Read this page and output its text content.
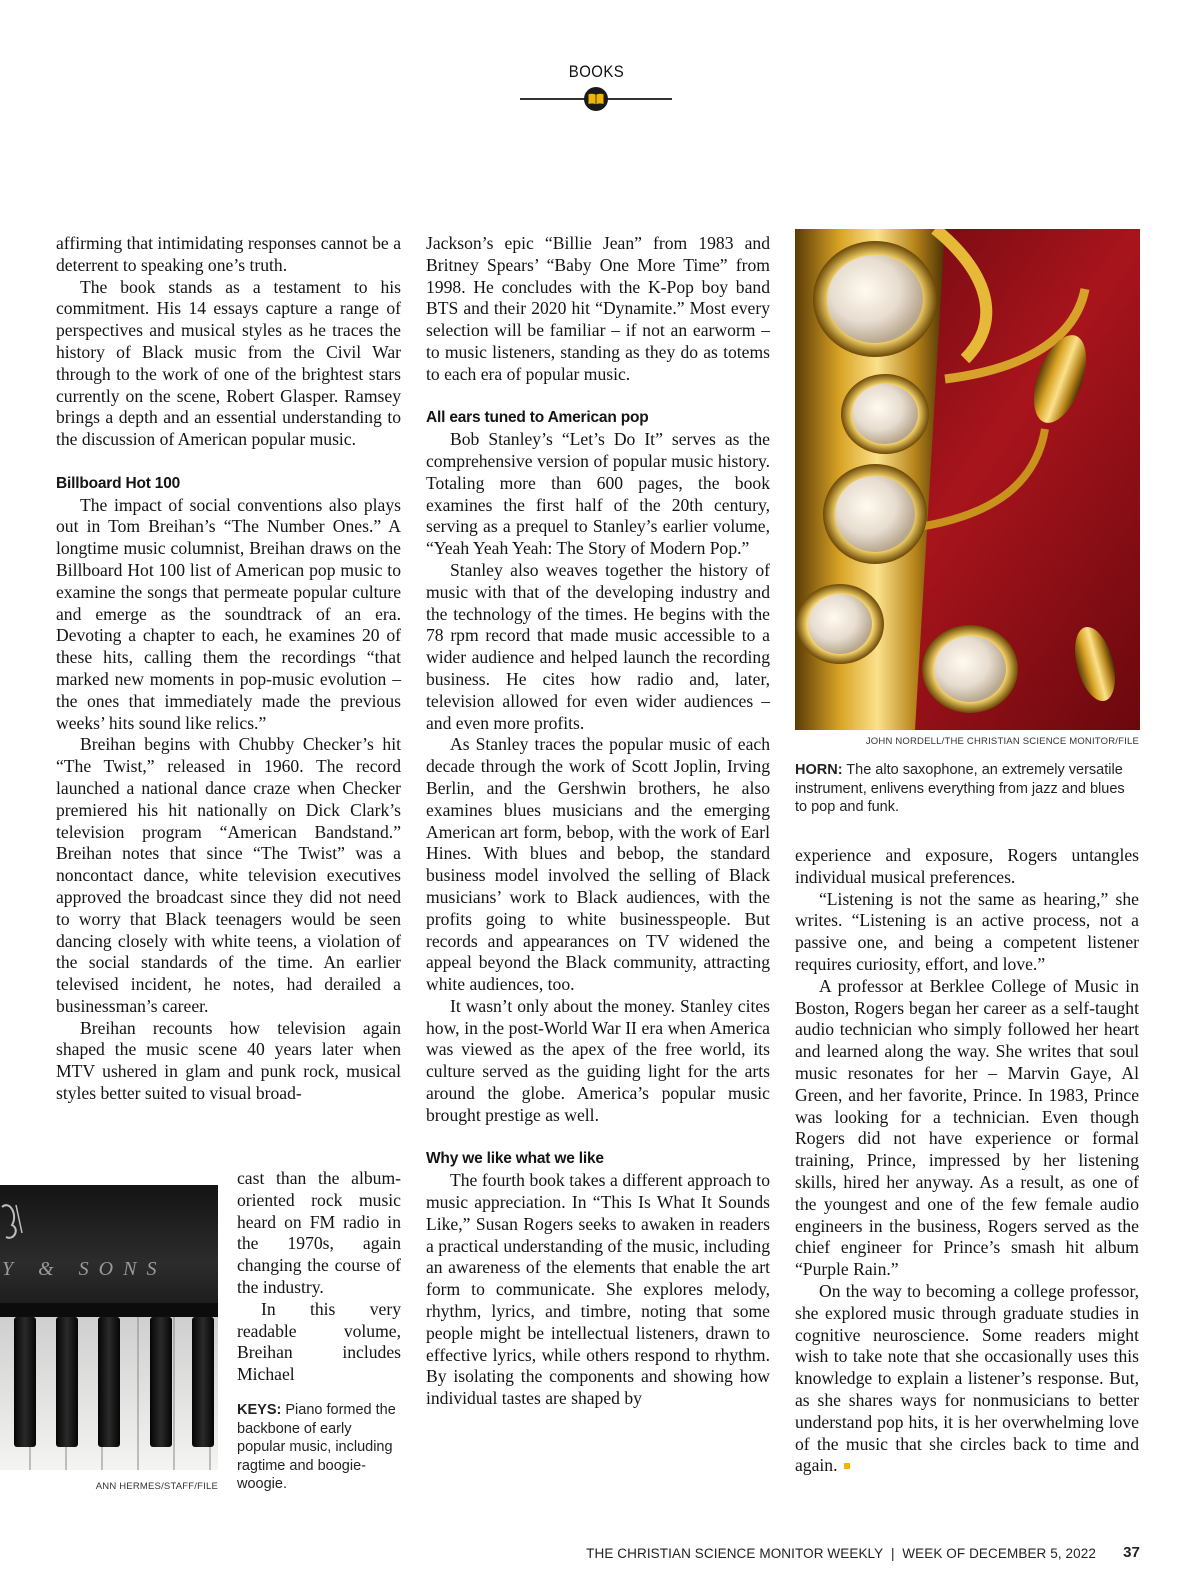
BOOKS

affirming that intimidating responses cannot be a deterrent to speaking one’s truth.

The book stands as a testament to his commitment. His 14 essays capture a range of perspectives and musical styles as he traces the history of Black music from the Civil War through to the work of one of the brightest stars currently on the scene, Robert Glasper. Ramsey brings a depth and an essential understanding to the discussion of American popular music.

Billboard Hot 100

The impact of social conventions also plays out in Tom Breihan’s “The Number Ones.” A longtime music columnist, Breihan draws on the Billboard Hot 100 list of American pop music to examine the songs that permeate popular culture and emerge as the soundtrack of an era. Devoting a chapter to each, he examines 20 of these hits, calling them the recordings “that marked new moments in pop-music evolution – the ones that immediately made the previous weeks’ hits sound like relics.”

Breihan begins with Chubby Checker’s hit “The Twist,” released in 1960. The record launched a national dance craze when Checker premiered his hit nationally on Dick Clark’s television program “American Bandstand.” Breihan notes that since “The Twist” was a noncontact dance, white television executives approved the broadcast since they did not need to worry that Black teenagers would be seen dancing closely with white teens, a violation of the social standards of the time. An earlier televised incident, he notes, had derailed a businessman’s career.

Breihan recounts how television again shaped the music scene 40 years later when MTV ushered in glam and punk rock, musical styles better suited to visual broad-

cast than the album-oriented rock music heard on FM radio in the 1970s, again changing the course of the industry.

In this very readable volume, Breihan includes Michael

Y & SONS
ANN HERMES/STAFF/FILE
KEYS: Piano formed the backbone of early popular music, including ragtime and boogie-woogie.

Jackson’s epic “Billie Jean” from 1983 and Britney Spears’ “Baby One More Time” from 1998. He concludes with the K-Pop boy band BTS and their 2020 hit “Dynamite.” Most every selection will be familiar – if not an earworm – to music listeners, standing as they do as totems to each era of popular music.

All ears tuned to American pop

Bob Stanley’s “Let’s Do It” serves as the comprehensive version of popular music history. Totaling more than 600 pages, the book examines the first half of the 20th century, serving as a prequel to Stanley’s earlier volume, “Yeah Yeah Yeah: The Story of Modern Pop.”

Stanley also weaves together the history of music with that of the developing industry and the technology of the times. He begins with the 78 rpm record that made music accessible to a wider audience and helped launch the recording business. He cites how radio and, later, television allowed for even wider audiences – and even more profits.

As Stanley traces the popular music of each decade through the work of Scott Joplin, Irving Berlin, and the Gershwin brothers, he also examines blues musicians and the emerging American art form, bebop, with the work of Earl Hines. With blues and bebop, the standard business model involved the selling of Black musicians’ work to Black audiences, with the profits going to white businesspeople. But records and appearances on TV widened the appeal beyond the Black community, attracting white audiences, too.

It wasn’t only about the money. Stanley cites how, in the post-World War II era when America was viewed as the apex of the free world, its culture served as the guiding light for the arts around the globe. America’s popular music brought prestige as well.

Why we like what we like

The fourth book takes a different approach to music appreciation. In “This Is What It Sounds Like,” Susan Rogers seeks to awaken in readers a practical understanding of the music, including an awareness of the elements that enable the art form to communicate. She explores melody, rhythm, lyrics, and timbre, noting that some people might be intellectual listeners, drawn to effective lyrics, while others respond to rhythm. By isolating the components and showing how individual tastes are shaped by

JOHN NORDELL/THE CHRISTIAN SCIENCE MONITOR/FILE
HORN: The alto saxophone, an extremely versatile instrument, enlivens everything from jazz and blues to pop and funk.

experience and exposure, Rogers untangles individual musical preferences.

“Listening is not the same as hearing,” she writes. “Listening is an active process, not a passive one, and being a competent listener requires curiosity, effort, and love.”

A professor at Berklee College of Music in Boston, Rogers began her career as a self-taught audio technician who simply followed her heart and learned along the way. She writes that soul music resonates for her – Marvin Gaye, Al Green, and her favorite, Prince. In 1983, Prince was looking for a technician. Even though Rogers did not have experience or formal training, Prince, impressed by her listening skills, hired her anyway. As a result, as one of the youngest and one of the few female audio engineers in the business, Rogers served as the chief engineer for Prince’s smash hit album “Purple Rain.”

On the way to becoming a college professor, she explored music through graduate studies in cognitive neuroscience. Some readers might wish to take note that she occasionally uses this knowledge to explain a listener’s response. But, as she shares ways for nonmusicians to better understand pop hits, it is her overwhelming love of the music that she circles back to time and again.

THE CHRISTIAN SCIENCE MONITOR WEEKLY | WEEK OF DECEMBER 5, 2022 37
